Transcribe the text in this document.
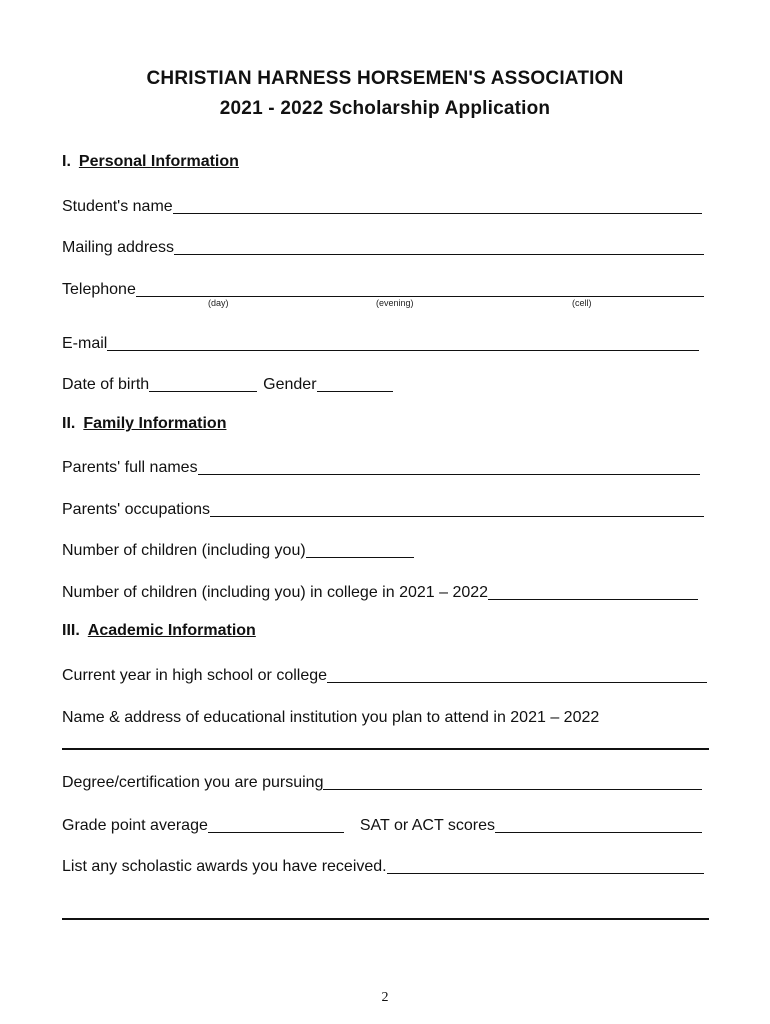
CHRISTIAN HARNESS HORSEMEN'S ASSOCIATION
2021 - 2022 Scholarship Application
I. Personal Information
Student's name
Mailing address
Telephone
(day)	(evening)	(cell)
E-mail
Date of birth	Gender
II. Family Information
Parents' full names
Parents' occupations
Number of children (including you)
Number of children (including you) in college in 2021 – 2022
III. Academic Information
Current year in high school or college
Name & address of educational institution you plan to attend in 2021 – 2022
Degree/certification you are pursuing
Grade point average	SAT or ACT scores
List any scholastic awards you have received.
2
